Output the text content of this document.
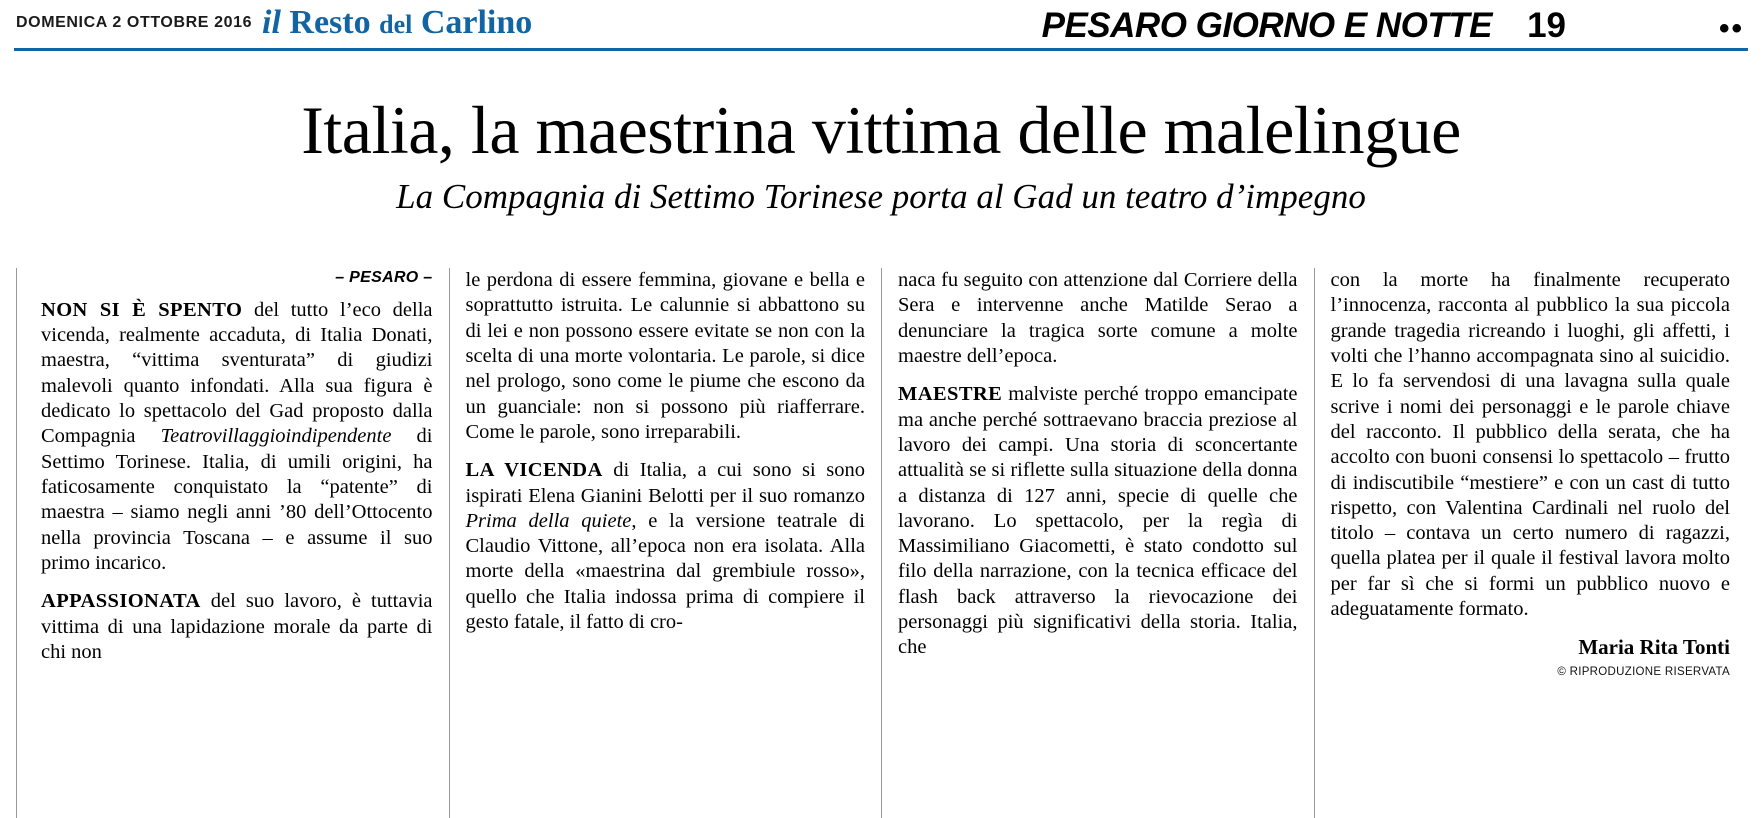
DOMENICA 2 OTTOBRE 2016 il Resto del Carlino	PESARO GIORNO E NOTTE 19	••
Italia, la maestrina vittima delle malelingue
La Compagnia di Settimo Torinese porta al Gad un teatro d’impegno
– PESARO –

NON SI È SPENTO del tutto l’eco della vicenda, realmente accaduta, di Italia Donati, maestra, “vittima sventurata” di giudizi malevoli quanto infondati. Alla sua figura è dedicato lo spettacolo del Gad proposto dalla Compagnia Teatrovillaggioindipendente di Settimo Torinese. Italia, di umili origini, ha faticosamente conquistato la “patente” di maestra – siamo negli anni ’80 dell’Ottocento nella provincia Toscana – e assume il suo primo incarico.

APPASSIONATA del suo lavoro, è tuttavia vittima di una lapidazione morale da parte di chi non

le perdona di essere femmina, giovane e bella e soprattutto istruita. Le calunnie si abbattono su di lei e non possono essere evitate se non con la scelta di una morte volontaria. Le parole, si dice nel prologo, sono come le piume che escono da un guanciale: non si possono più riafferrare. Come le parole, sono irreparabili.

LA VICENDA di Italia, a cui sono si sono ispirati Elena Gianini Belotti per il suo romanzo Prima della quiete, e la versione teatrale di Claudio Vittone, all’epoca non era isolata. Alla morte della «maestrina dal grembiule rosso», quello che Italia indossa prima di compiere il gesto fatale, il fatto di cro-

naca fu seguito con attenzione dal Corriere della Sera e intervenne anche Matilde Serao a denunciare la tragica sorte comune a molte maestre dell’epoca.

MAESTRE malviste perché troppo emancipate ma anche perché sottraevano braccia preziose al lavoro dei campi. Una storia di sconcertante attualità se si riflette sulla situazione della donna a distanza di 127 anni, specie di quelle che lavorano. Lo spettacolo, per la regìa di Massimiliano Giacometti, è stato condotto sul filo della narrazione, con la tecnica efficace del flash back attraverso la rievocazione dei personaggi più significativi della storia. Italia, che

con la morte ha finalmente recuperato l’innocenza, racconta al pubblico la sua piccola grande tragedia ricreando i luoghi, gli affetti, i volti che l’hanno accompagnata sino al suicidio. E lo fa servendosi di una lavagna sulla quale scrive i nomi dei personaggi e le parole chiave del racconto. Il pubblico della serata, che ha accolto con buoni consensi lo spettacolo – frutto di indiscutibile “mestiere” e con un cast di tutto rispetto, con Valentina Cardinali nel ruolo del titolo – contava un certo numero di ragazzi, quella platea per il quale il festival lavora molto per far sì che si formi un pubblico nuovo e adeguatamente formato.

Maria Rita Tonti
© RIPRODUZIONE RISERVATA
